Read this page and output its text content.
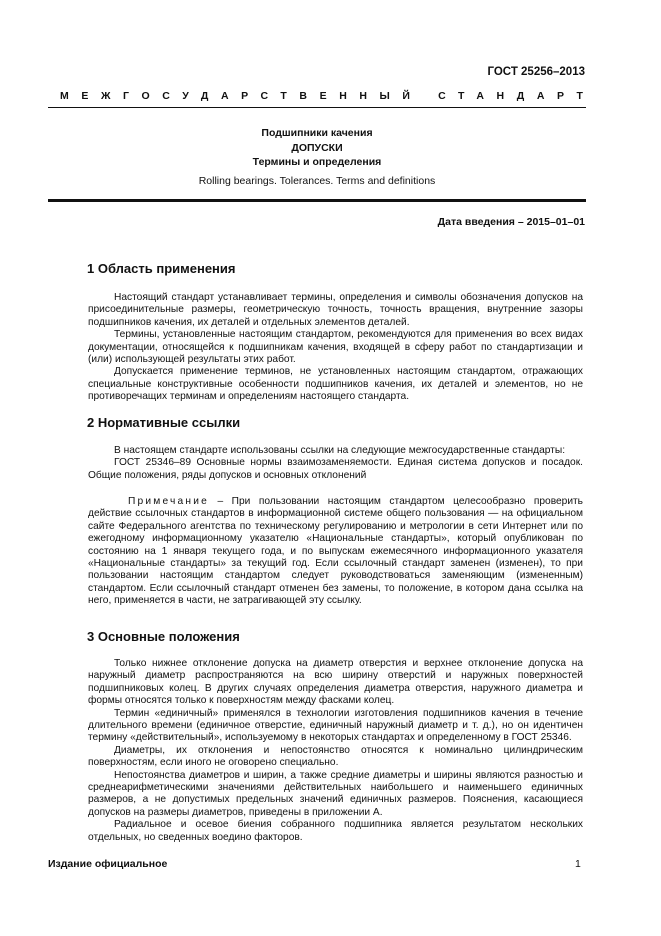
ГОСТ 25256–2013
МЕЖГОСУДАРСТВЕННЫЙ СТАНДАРТ
Подшипники качения
ДОПУСКИ
Термины и определения
Rolling bearings. Tolerances. Terms and definitions
Дата введения – 2015–01–01
1 Область применения

Настоящий стандарт устанавливает термины, определения и символы обозначения допусков на присоединительные размеры, геометрическую точность, точность вращения, внутренние зазоры подшипников качения, их деталей и отдельных элементов деталей.

Термины, установленные настоящим стандартом, рекомендуются для применения во всех видах документации, относящейся к подшипникам качения, входящей в сферу работ по стандартизации и (или) использующей результаты этих работ.

Допускается применение терминов, не установленных настоящим стандартом, отражающих специальные конструктивные особенности подшипников качения, их деталей и элементов, но не противоречащих терминам и определениям настоящего стандарта.

2 Нормативные ссылки

В настоящем стандарте использованы ссылки на следующие межгосударственные стандарты:

ГОСТ 25346–89 Основные нормы взаимозаменяемости. Единая система допусков и посадок. Общие положения, ряды допусков и основных отклонений

Примечание – При пользовании настоящим стандартом целесообразно проверить действие ссылочных стандартов в информационной системе общего пользования — на официальном сайте Федерального агентства по техническому регулированию и метрологии в сети Интернет или по ежегодному информационному указателю «Национальные стандарты», который опубликован по состоянию на 1 января текущего года, и по выпускам ежемесячного информационного указателя «Национальные стандарты» за текущий год. Если ссылочный стандарт заменен (изменен), то при пользовании настоящим стандартом следует руководствоваться заменяющим (измененным) стандартом. Если ссылочный стандарт отменен без замены, то положение, в котором дана ссылка на него, применяется в части, не затрагивающей эту ссылку.

3 Основные положения

Только нижнее отклонение допуска на диаметр отверстия и верхнее отклонение допуска на наружный диаметр распространяются на всю ширину отверстий и наружных поверхностей подшипниковых колец. В других случаях определения диаметра отверстия, наружного диаметра и формы относятся только к поверхностям между фасками колец.

Термин «единичный» применялся в технологии изготовления подшипников качения в течение длительного времени (единичное отверстие, единичный наружный диаметр и т. д.), но он идентичен термину «действительный», используемому в некоторых стандартах и определенному в ГОСТ 25346.

Диаметры, их отклонения и непостоянство относятся к номинально цилиндрическим поверхностям, если иного не оговорено специально.

Непостоянства диаметров и ширин, а также средние диаметры и ширины являются разностью и среднеарифметическими значениями действительных наибольшего и наименьшего единичных размеров, а не допустимых предельных значений единичных размеров. Пояснения, касающиеся допусков на размеры диаметров, приведены в приложении А.

Радиальное и осевое биения собранного подшипника является результатом нескольких отдельных, но сведенных воедино факторов.

Издание официальное	1
